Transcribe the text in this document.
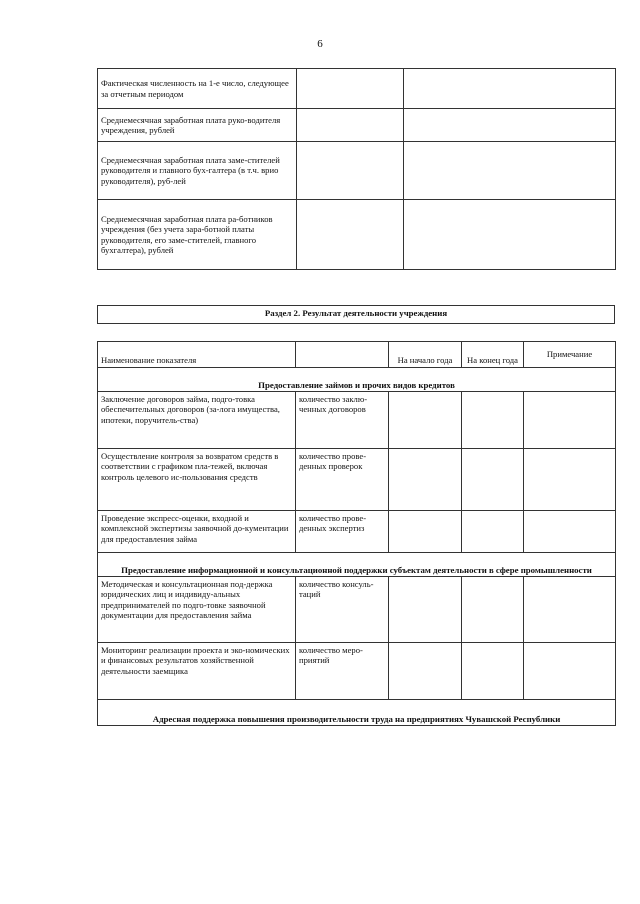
6
Фактическая численность на 1-е число, следующее за отчетным периодом		
Среднемесячная заработная плата руко-водителя учреждения, рублей		
Среднемесячная заработная плата заме-стителей руководителя и главного бух-галтера (в т.ч. врио руководителя), руб-лей		
Среднемесячная заработная плата ра-ботников учреждения (без учета зара-ботной платы руководителя, его заме-стителей, главного бухгалтера), рублей		
Раздел 2. Результат деятельности учреждения
Наименование показателя		На начало года	На конец года	Примечание
Предоставление займов и прочих видов кредитов				
Заключение договоров займа, подго-товка обеспечительных договоров (за-лога имущества, ипотеки, поручитель-ства)	количество заклю-ченных договоров			
Осуществление контроля за возвратом средств в соответствии с графиком пла-тежей, включая контроль целевого ис-пользования средств	количество прове-денных проверок			
Проведение экспресс-оценки, входной и комплексной экспертизы заявочной до-кументации для предоставления займа	количество прове-денных экспертиз			
Предоставление информационной и консультационной поддержки субъектам деятельности в сфере промышленности				
Методическая и консультационная под-держка юридических лиц и индивиду-альных предпринимателей по подго-товке заявочной документации для предоставления займа	количество консуль-таций			
Мониторинг реализации проекта и эко-номических и финансовых результатов хозяйственной деятельности заемщика	количество меро-приятий			
Адресная поддержка повышения производительности труда на предприятиях Чувашской Республики				
